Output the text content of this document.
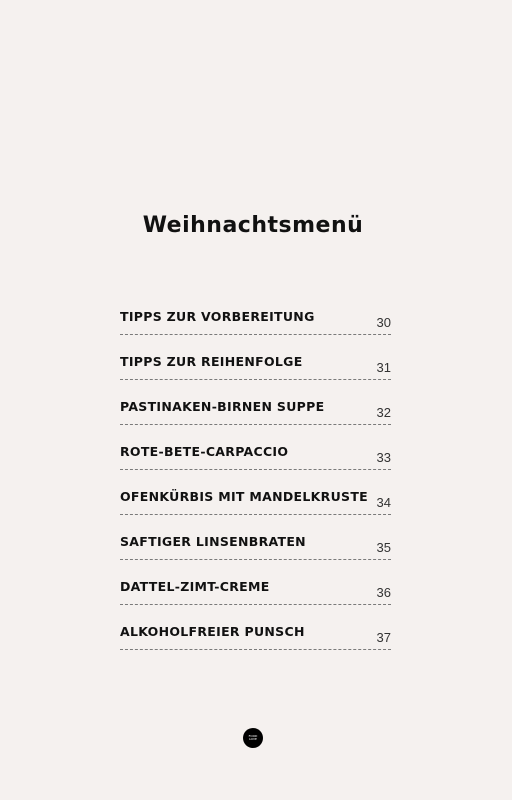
Weihnachtsmenü
TIPPS ZUR VORBEREITUNG	30
TIPPS ZUR REIHENFOLGE	31
PASTINAKEN-BIRNEN SUPPE	32
ROTE-BETE-CARPACCIO	33
OFENKÜRBIS MIT MANDELKRUSTE 34
SAFTIGER LINSENBRATEN	35
DATTEL-ZIMT-CREME	36
ALKOHOLFREIER PUNSCH	37
FOOD
LOVE
